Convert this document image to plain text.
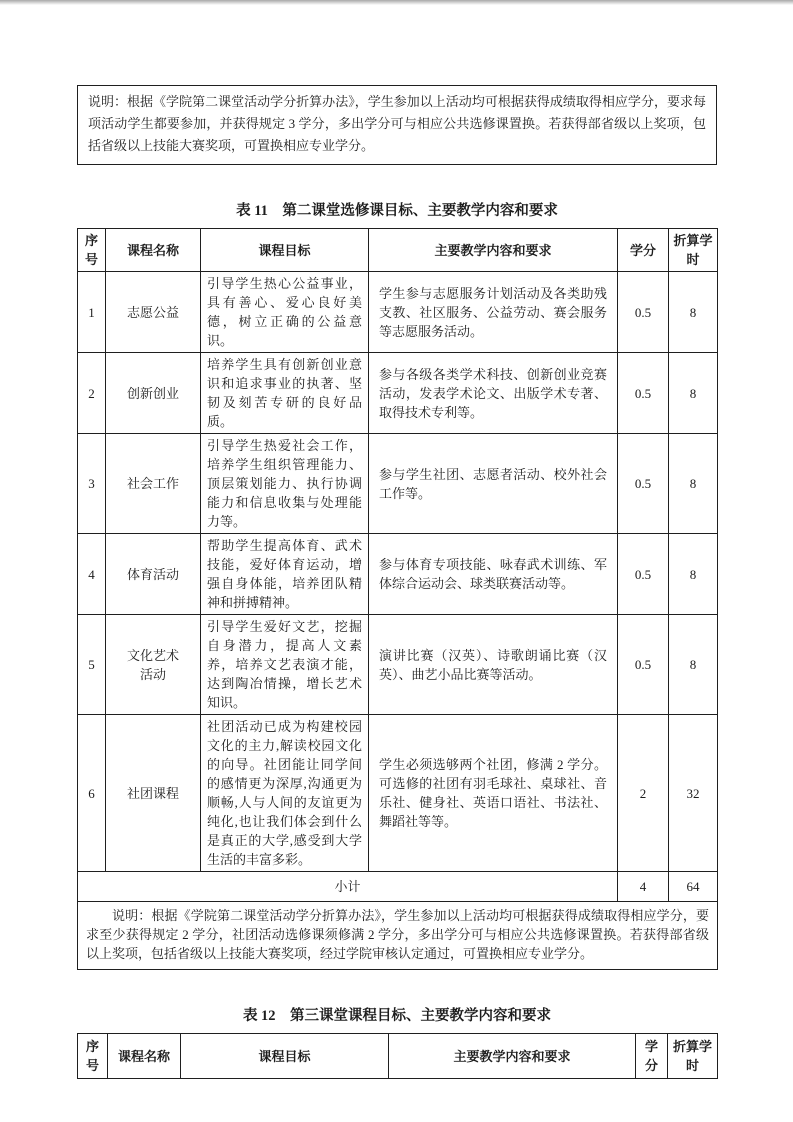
说明：根据《学院第二课堂活动学分折算办法》，学生参加以上活动均可根据获得成绩取得相应学分，要求每项活动学生都要参加，并获得规定 3 学分，多出学分可与相应公共选修课置换。若获得部省级以上奖项，包括省级以上技能大赛奖项，可置换相应专业学分。
表 11　第二课堂选修课目标、主要教学内容和要求
序号	课程名称	课程目标	主要教学内容和要求	学分	折算学时
1	志愿公益	引导学生热心公益事业，具有善心、爱心良好美德，树立正确的公益意识。	学生参与志愿服务计划活动及各类助残支教、社区服务、公益劳动、赛会服务等志愿服务活动。	0.5	8
2	创新创业	培养学生具有创新创业意识和追求事业的执著、坚韧及刻苦专研的良好品质。	参与各级各类学术科技、创新创业竞赛活动，发表学术论文、出版学术专著、取得技术专利等。	0.5	8
3	社会工作	引导学生热爱社会工作，培养学生组织管理能力、顶层策划能力、执行协调能力和信息收集与处理能力等。	参与学生社团、志愿者活动、校外社会工作等。	0.5	8
4	体育活动	帮助学生提高体育、武术技能，爱好体育运动，增强自身体能，培养团队精神和拼搏精神。	参与体育专项技能、咏春武术训练、军体综合运动会、球类联赛活动等。	0.5	8
5	文化艺术活动	引导学生爱好文艺，挖掘自身潜力，提高人文素养，培养文艺表演才能，达到陶冶情操，增长艺术知识。	演讲比赛（汉英）、诗歌朗诵比赛（汉英）、曲艺小品比赛等活动。	0.5	8
6	社团课程	社团活动已成为构建校园文化的主力,解读校园文化的向导。社团能让同学间的感情更为深厚,沟通更为顺畅,人与人间的友谊更为纯化,也让我们体会到什么是真正的大学,感受到大学生活的丰富多彩。	学生必须选够两个社团，修满 2 学分。可选修的社团有羽毛球社、桌球社、音乐社、健身社、英语口语社、书法社、舞蹈社等等。	2	32
小计				4	64
说明：根据《学院第二课堂活动学分折算办法》，学生参加以上活动均可根据获得成绩取得相应学分，要求至少获得规定 2 学分，社团活动选修课须修满 2 学分，多出学分可与相应公共选修课置换。若获得部省级以上奖项，包括省级以上技能大赛奖项，经过学院审核认定通过，可置换相应专业学分。					
表 12　第三课堂课程目标、主要教学内容和要求
序号	课程名称	课程目标	主要教学内容和要求	学分	折算学时
